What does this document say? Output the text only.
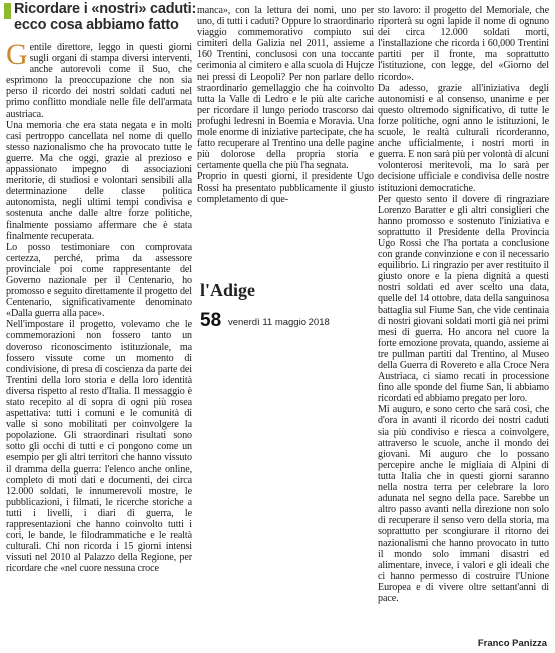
Ricordare i «nostri» caduti:
ecco cosa abbiamo fatto

Gentile direttore, leggo in questi giorni sugli organi di stampa diversi interventi, anche autorevoli come il Suo, che esprimono la preoccupazione che non sia perso il ricordo dei nostri soldati caduti nel primo conflitto mondiale nelle file dell'armata austriaca.

Una memoria che era stata negata e in molti casi pertroppo cancellata nel nome di quello stesso nazionalismo che ha provocato tutte le guerre. Ma che oggi, grazie al prezioso e appassionato impegno di associazioni meritorie, di studiosi e volontari sensibili alla determinazione delle classe politica autonomista, negli ultimi tempi condivisa e sostenuta anche dalle altre forze politiche, finalmente possiamo affermare che è stata finalmente recuperata.

Lo posso testimoniare con comprovata certezza, perché, prima da assessore provinciale poi come rappresentante del Governo nazionale per il Centenario, ho promosso e seguito direttamente il progetto del Centenario, significativamente denominato «Dalla guerra alla pace».

Nell'impostare il progetto, volevamo che le commemorazioni non fossero tanto un doveroso riconoscimento istituzionale, ma fossero vissute come un momento di condivisione, di presa di coscienza da parte dei Trentini della loro storia e della loro identità diversa rispetto al resto d'Italia. Il messaggio è stato recepito al di sopra di ogni più rosea aspettativa: tutti i comuni e le comunità di valle si sono mobilitati per coinvolgere la popolazione. Gli straordinari risultati sono sotto gli occhi di tutti e ci pongono come un esempio per gli altri territori che hanno vissuto il dramma della guerra: l'elenco anche online, completo di moti dati e documenti, dei circa 12.000 soldati, le innumerevoli mostre, le pubblicazioni, i filmati, le ricerche storiche a tutti i livelli, i diari di guerra, le rappresentazioni che hanno coinvolto tutti i cori, le bande, le filodrammatiche e le realtà culturali. Chi non ricorda i 15 giorni intensi vissuti nel 2010 al Palazzo della Regione, per ricordare che «nel cuore nessuna croce

manca», con la lettura dei nomi, uno per uno, di tutti i caduti? Oppure lo straordinario viaggio commemorativo compiuto sui cimiteri della Galizia nel 2011, assieme a 160 Trentini, conclusosi con una toccante cerimonia al cimitero e alla scuola di Hujcze nei pressi di Leopoli? Per non parlare dello straordinario gemellaggio che ha coinvolto tutta la Valle di Ledro e le più alte cariche per ricordare il lungo periodo trascorso dai profughi ledresni in Boemia e Moravia. Una mole enorme di iniziative partecipate, che ha fatto recuperare al Trentino una delle pagine più dolorose della propria storia e certamente quella che più l'ha segnata.

Proprio in questi giorni, il presidente Ugo Rossi ha presentato pubblicamente il giusto completamento di que-

l'Adige
58 venerdì 11 maggio 2018

sto lavoro: il progetto del Memoriale, che riporterà su ogni lapide il nome di ognuno dei circa 12.000 soldati morti, l'installazione che ricorda i 60,000 Trentini partiti per il fronte, ma soprattutto l'istituzione, con legge, del «Giorno del ricordo».

Da adesso, grazie all'iniziativa degli autonomisti e al consenso, unanime e per questo oltremodo significativo, di tutte le forze politiche, ogni anno le istituzioni, le scuole, le realtà culturali ricorderanno, anche ufficialmente, i nostri morti in guerra. E non sarà più per volontà di alcuni volonterosi meritevoli, ma lo sarà per decisione ufficiale e condivisa delle nostre istituzioni democratiche.

Per questo sento il dovere di ringraziare Lorenzo Baratter e gli altri consiglieri che hanno promosso e sostenuto l'iniziativa e soprattutto il Presidente della Provincia Ugo Rossi che l'ha portata a conclusione con grande convinzione e con il necessario equilibrio. Li ringrazio per aver restituito il giusto onore e la piena dignità a questi nostri soldati ed aver scelto una data, quelle del 14 ottobre, data della sanguinosa battaglia sul Fiume San, che vide centinaia di nostri giovani soldati morti già nei primi mesi di guerra. Ho ancora nel cuore la forte emozione provata, quando, assieme ai tre pullman partiti dal Trentino, al Museo della Guerra di Rovereto e alla Croce Nera Austriaca, ci siamo recati in processione fino alle sponde del fiume San, li abbiamo ricordati ed abbiamo pregato per loro.

Mi auguro, e sono certo che sarà così, che d'ora in avanti il ricordo dei nostri caduti sia più condiviso e riesca a coinvolgere, attraverso le scuole, anche il mondo dei giovani. Mi auguro che lo possano percepire anche le migliaia di Alpini di tutta Italia che in questi giorni saranno nella nostra terra per celebrare la loro adunata nel segno della pace. Sarebbe un altro passo avanti nella direzione non solo di recuperare il senso vero della storia, ma soprattutto per scongiurare il ritorno dei nazionalismi che hanno provocato in tutto il mondo solo immani disastri ed alimentare, invece, i valori e gli ideali che ci hanno permesso di costruire l'Unione Europea e di vivere oltre settant'anni di pace.

Franco Panizza
